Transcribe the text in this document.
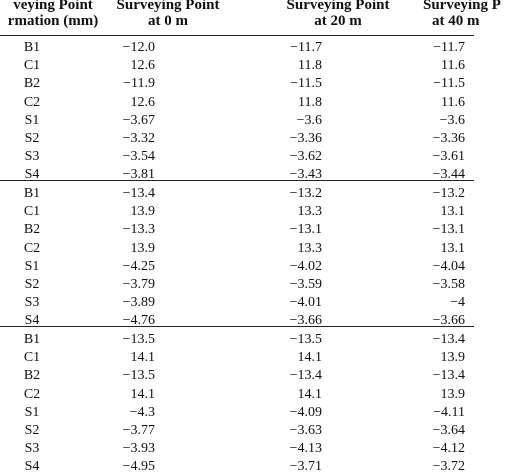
veying Point
rmation (mm)
Surveying Point
at 0 m
Surveying Point
at 20 m
Surveying P
at 40 m
B1	−12.0	−11.7	−11.7
C1	12.6	11.8	11.6
B2	−11.9	−11.5	−11.5
C2	12.6	11.8	11.6
S1	−3.67	−3.6	−3.6
S2	−3.32	−3.36	−3.36
S3	−3.54	−3.62	−3.61
S4	−3.81	−3.43	−3.44
B1	−13.4	−13.2	−13.2
C1	13.9	13.3	13.1
B2	−13.3	−13.1	−13.1
C2	13.9	13.3	13.1
S1	−4.25	−4.02	−4.04
S2	−3.79	−3.59	−3.58
S3	−3.89	−4.01	−4
S4	−4.76	−3.66	−3.66
B1	−13.5	−13.5	−13.4
C1	14.1	14.1	13.9
B2	−13.5	−13.4	−13.4
C2	14.1	14.1	13.9
S1	−4.3	−4.09	−4.11
S2	−3.77	−3.63	−3.64
S3	−3.93	−4.13	−4.12
S4	−4.95	−3.71	−3.72
